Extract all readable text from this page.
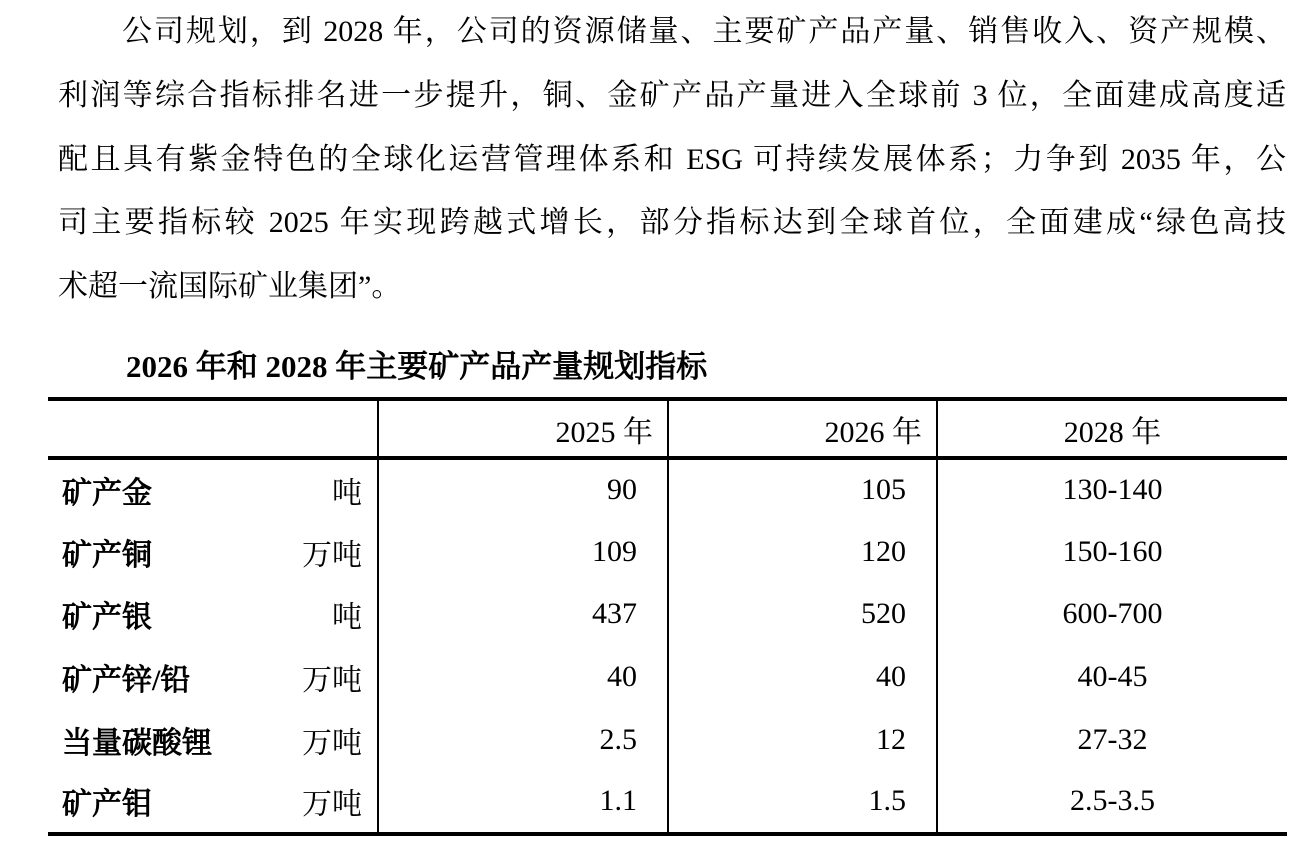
公司规划，到 2028 年，公司的资源储量、主要矿产品产量、销售收入、资产规模、
利润等综合指标排名进一步提升，铜、金矿产品产量进入全球前 3 位，全面建成高度适
配且具有紫金特色的全球化运营管理体系和 ESG 可持续发展体系；力争到 2035 年，公
司主要指标较 2025 年实现跨越式增长，部分指标达到全球首位，全面建成“绿色高技
术超一流国际矿业集团”。
2026 年和 2028 年主要矿产品产量规划指标
	2025 年	2026 年	2028 年

矿产金 吨	90	105	130-140

矿产铜 万吨	109	120	150-160

矿产银 吨	437	520	600-700

矿产锌/铅 万吨	40	40	40-45

当量碳酸锂 万吨	2.5	12	27-32

矿产钼 万吨	1.1	1.5	2.5-3.5
